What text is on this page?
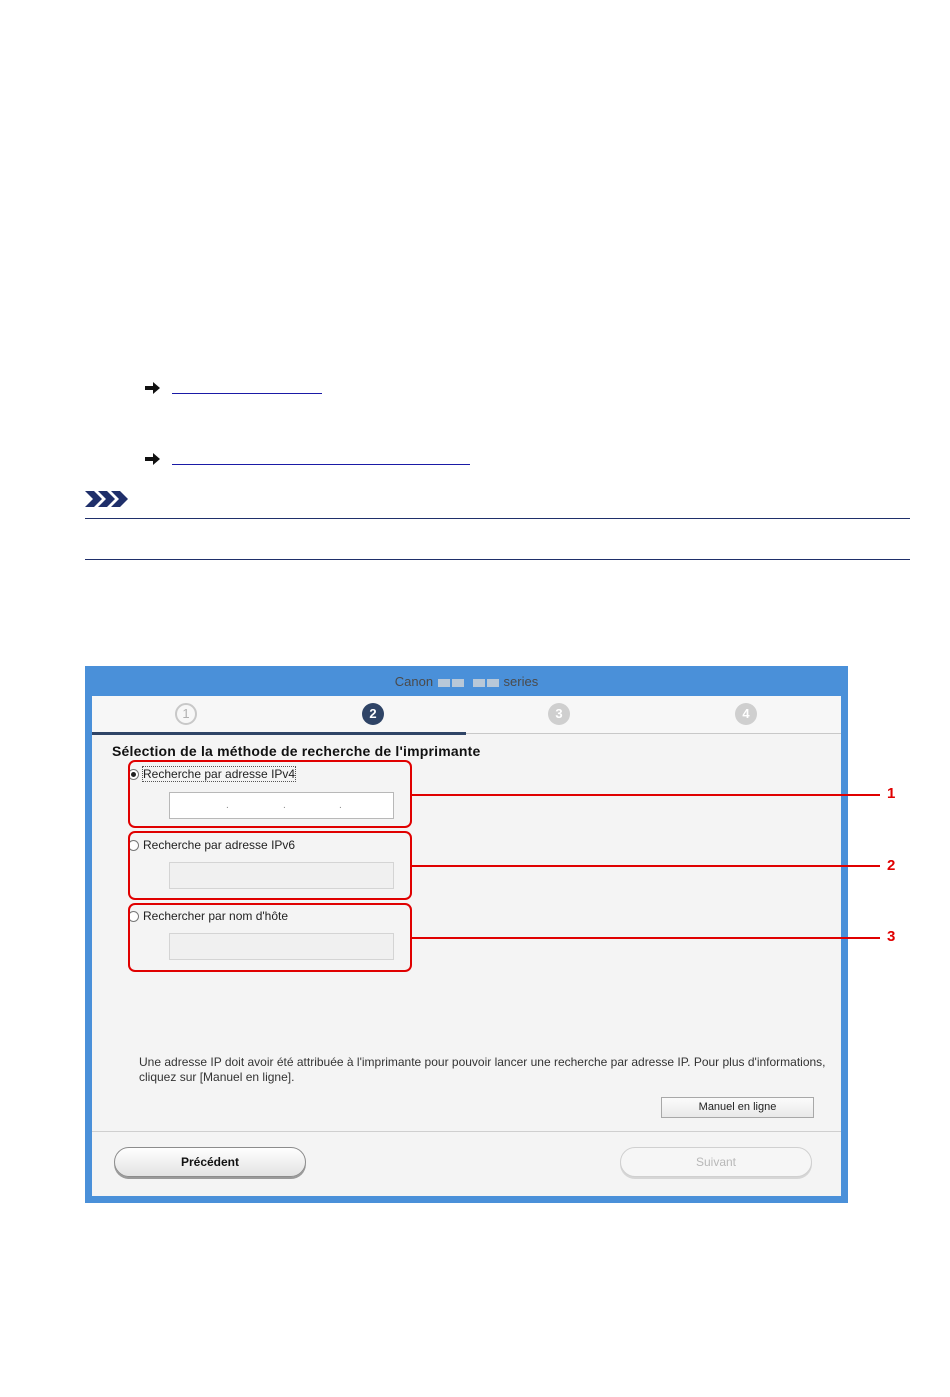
Canon	series
1	2	3	4
Sélection de la méthode de recherche de l'imprimante
Recherche par adresse IPv4
.	.	.
Recherche par adresse IPv6
Rechercher par nom d'hôte
Une adresse IP doit avoir été attribuée à l'imprimante pour pouvoir lancer une recherche par adresse IP. Pour plus d'informations, cliquez sur [Manuel en ligne].
Manuel en ligne
Précédent	Suivant
1
2
3
